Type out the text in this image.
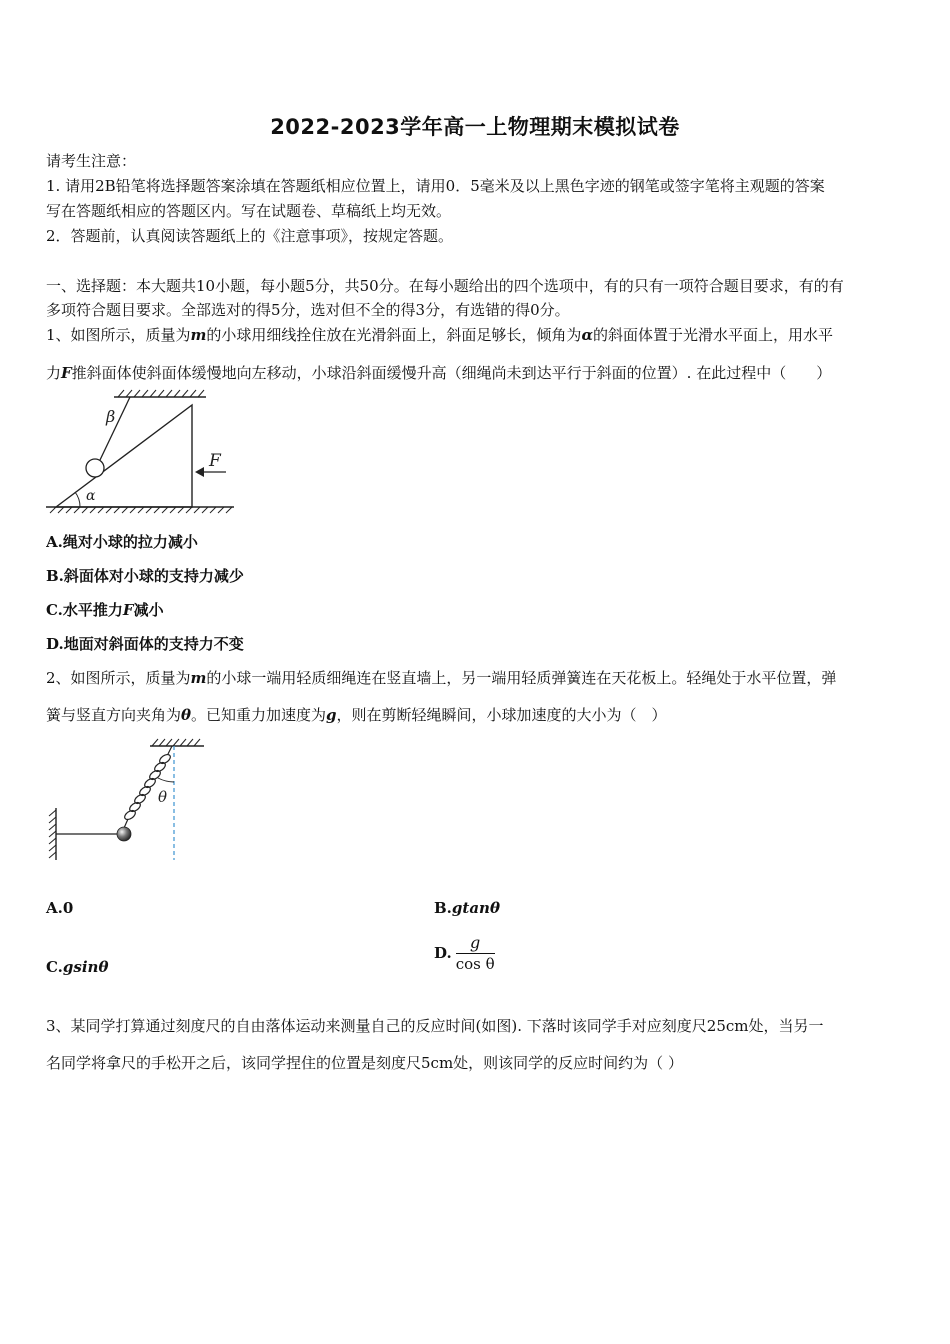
2022-2023学年高一上物理期末模拟试卷
请考生注意：
1. 请用2B铅笔将选择题答案涂填在答题纸相应位置上，请用0．5毫米及以上黑色字迹的钢笔或签字笔将主观题的答案
写在答题纸相应的答题区内。写在试题卷、草稿纸上均无效。
2．答题前，认真阅读答题纸上的《注意事项》，按规定答题。
一、选择题：本大题共10小题，每小题5分，共50分。在每小题给出的四个选项中，有的只有一项符合题目要求，有的有
多项符合题目要求。全部选对的得5分，选对但不全的得3分，有选错的得0分。
1、如图所示，质量为m的小球用细线拴住放在光滑斜面上，斜面足够长，倾角为α的斜面体置于光滑水平面上，用水平
力F推斜面体使斜面体缓慢地向左移动，小球沿斜面缓慢升高（细绳尚未到达平行于斜面的位置）. 在此过程中（　　）
β
α
F
A.绳对小球的拉力减小
B.斜面体对小球的支持力减少
C.水平推力F减小
D.地面对斜面体的支持力不变
2、如图所示，质量为m的小球一端用轻质细绳连在竖直墙上，另一端用轻质弹簧连在天花板上。轻绳处于水平位置，弹
簧与竖直方向夹角为θ。已知重力加速度为g，则在剪断轻绳瞬间，小球加速度的大小为（　）
θ
A.0	B.gtanθ
C.gsinθ
D. $\frac{g}{\text{cos θ}}$
3、某同学打算通过刻度尺的自由落体运动来测量自己的反应时间(如图). 下落时该同学手对应刻度尺25cm处，当另一
名同学将拿尺的手松开之后，该同学捏住的位置是刻度尺5cm处，则该同学的反应时间约为（ ）
